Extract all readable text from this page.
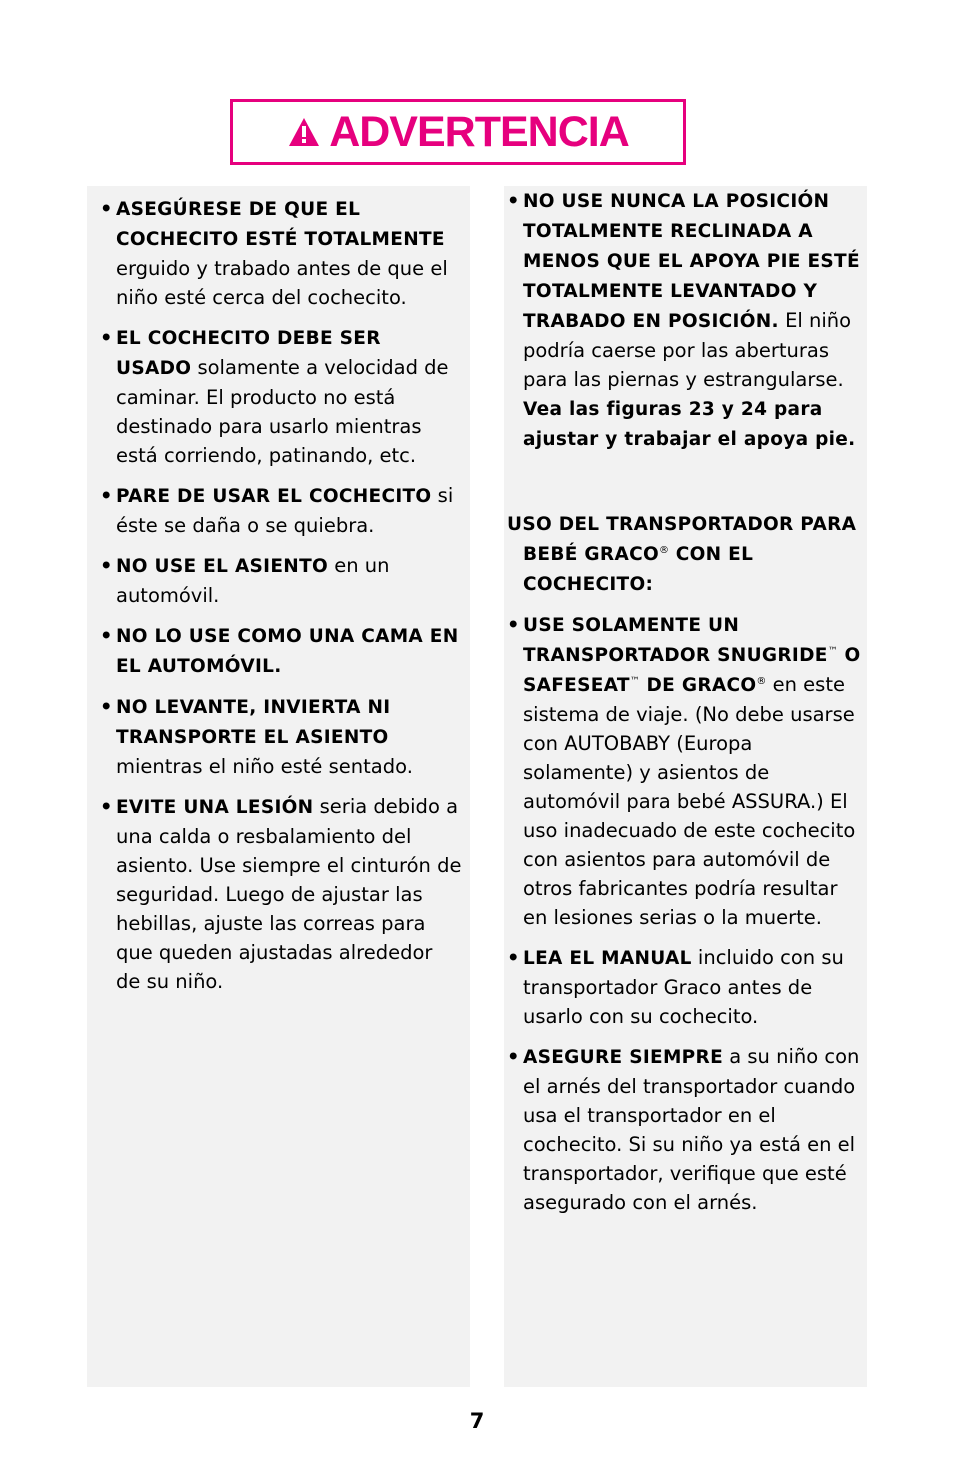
ADVERTENCIA

• ASEGÚRESE DE QUE EL COCHECITO ESTÉ TOTALMENTE erguido y trabado antes de que el niño esté cerca del cochecito.

• EL COCHECITO DEBE SER USADO solamente a velocidad de caminar. El producto no está destinado para usarlo mientras está corriendo, patinando, etc.

• PARE DE USAR EL COCHECITO si éste se daña o se quiebra.

• NO USE EL ASIENTO en un automóvil.

• NO LO USE COMO UNA CAMA EN EL AUTOMÓVIL.

• NO LEVANTE, INVIERTA NI TRANSPORTE EL ASIENTO mientras el niño esté sentado.

• EVITE UNA LESIÓN seria debido a una calda o resbalamiento del asiento. Use siempre el cinturón de seguridad. Luego de ajustar las hebillas, ajuste las correas para que queden ajustadas alrededor de su niño.

• NO USE NUNCA LA POSICIÓN TOTALMENTE RECLINADA A MENOS QUE EL APOYA PIE ESTÉ TOTALMENTE LEVANTADO Y TRABADO EN POSICIÓN. El niño podría caerse por las aberturas para las piernas y estrangularse. Vea las figuras 23 y 24 para ajustar y trabajar el apoya pie.

USO DEL TRANSPORTADOR PARA BEBÉ GRACO® CON EL COCHECITO:

• USE SOLAMENTE UN TRANSPORTADOR SNUGRIDE™ O SAFESEAT™ DE GRACO® en este sistema de viaje. (No debe usarse con AUTOBABY (Europa solamente) y asientos de automóvil para bebé ASSURA.) El uso inadecuado de este cochecito con asientos para automóvil de otros fabricantes podría resultar en lesiones serias o la muerte.

• LEA EL MANUAL incluido con su transportador Graco antes de usarlo con su cochecito.

• ASEGURE SIEMPRE a su niño con el arnés del transportador cuando usa el transportador en el cochecito. Si su niño ya está en el transportador, verifique que esté asegurado con el arnés.

7
